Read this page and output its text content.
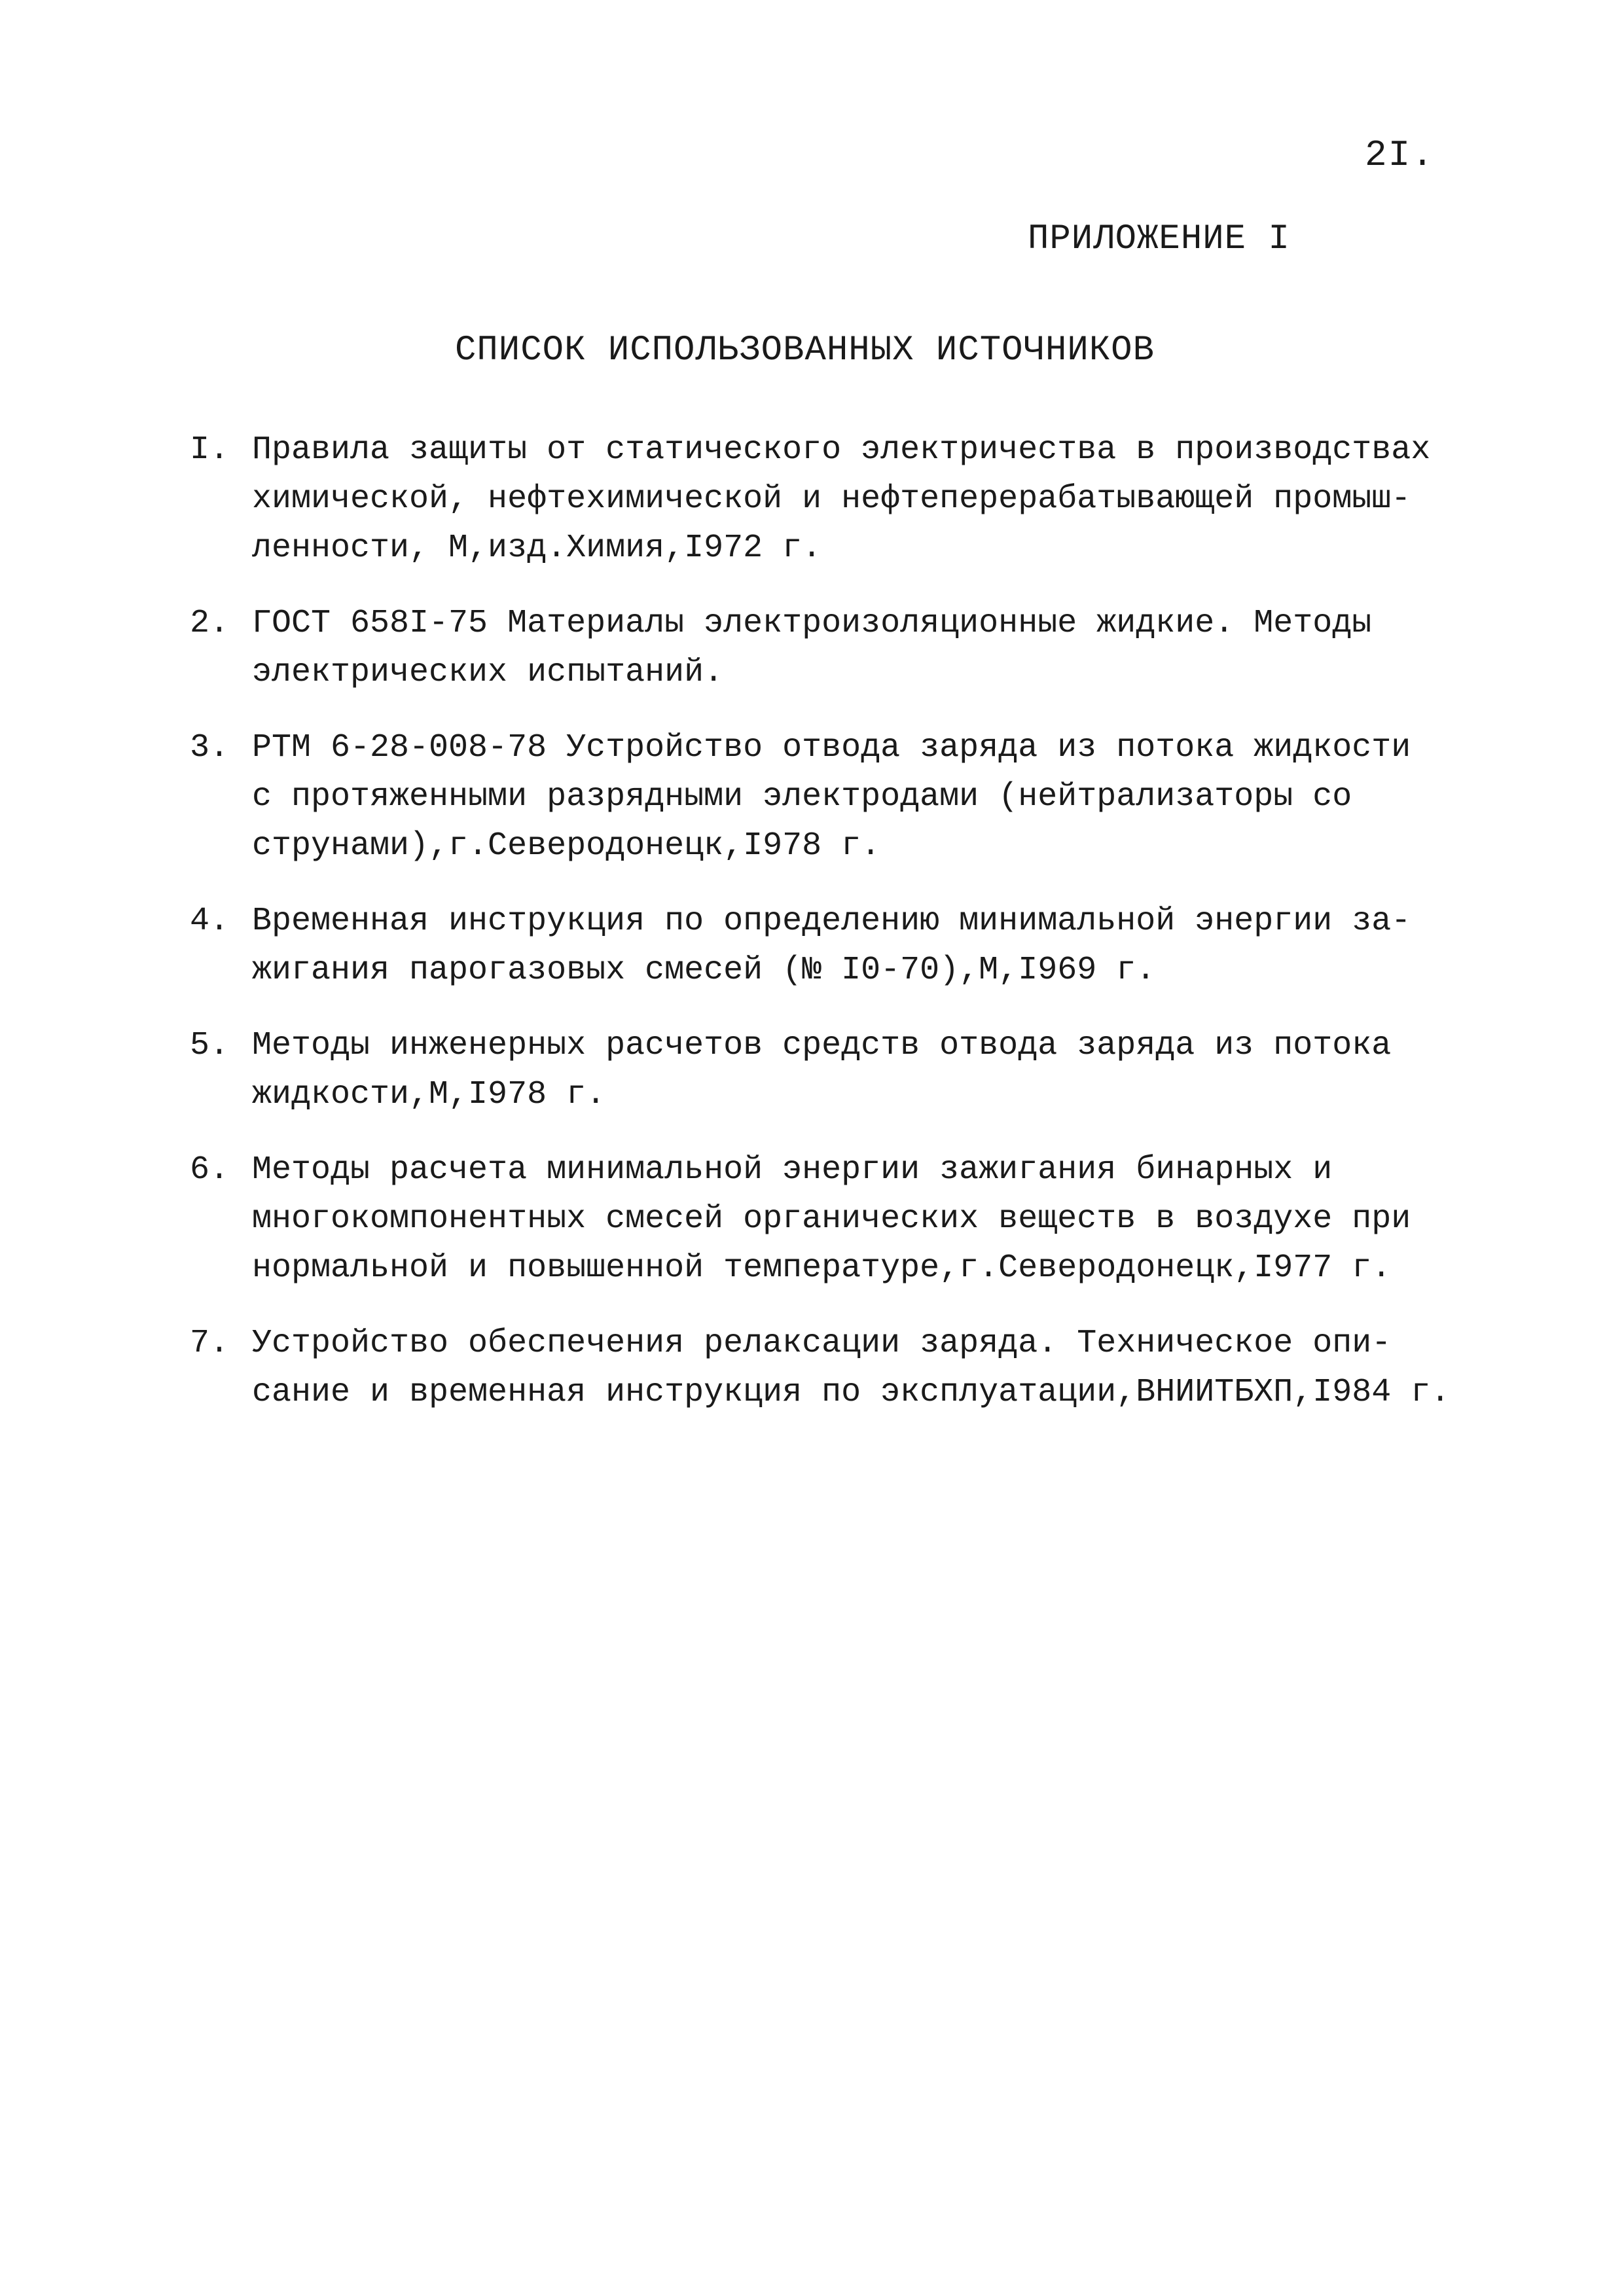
2I.
ПРИЛОЖЕНИЕ I
СПИСОК ИСПОЛЬЗОВАННЫХ ИСТОЧНИКОВ
I. Правила защиты от статического электричества в производствах
химической, нефтехимической и нефтеперерабатывающей промыш-
ленности, М,изд.Химия,I972 г.
2. ГОСТ 658I-75 Материалы электроизоляционные жидкие. Методы
электрических испытаний.
3. РТМ 6-28-008-78 Устройство отвода заряда из потока жидкости
с протяженными разрядными электродами (нейтрализаторы со
струнами),г.Северодонецк,I978 г.
4. Временная инструкция по определению минимальной энергии за-
жигания парогазовых смесей (№ I0-70),М,I969 г.
5. Методы инженерных расчетов средств отвода заряда из потока
жидкости,М,I978 г.
6. Методы расчета минимальной энергии зажигания бинарных и
многокомпонентных смесей органических веществ в воздухе при
нормальной и повышенной температуре,г.Северодонецк,I977 г.
7. Устройство обеспечения релаксации заряда. Техническое опи-
сание и временная инструкция по эксплуатации,ВНИИТБХП,I984 г.
